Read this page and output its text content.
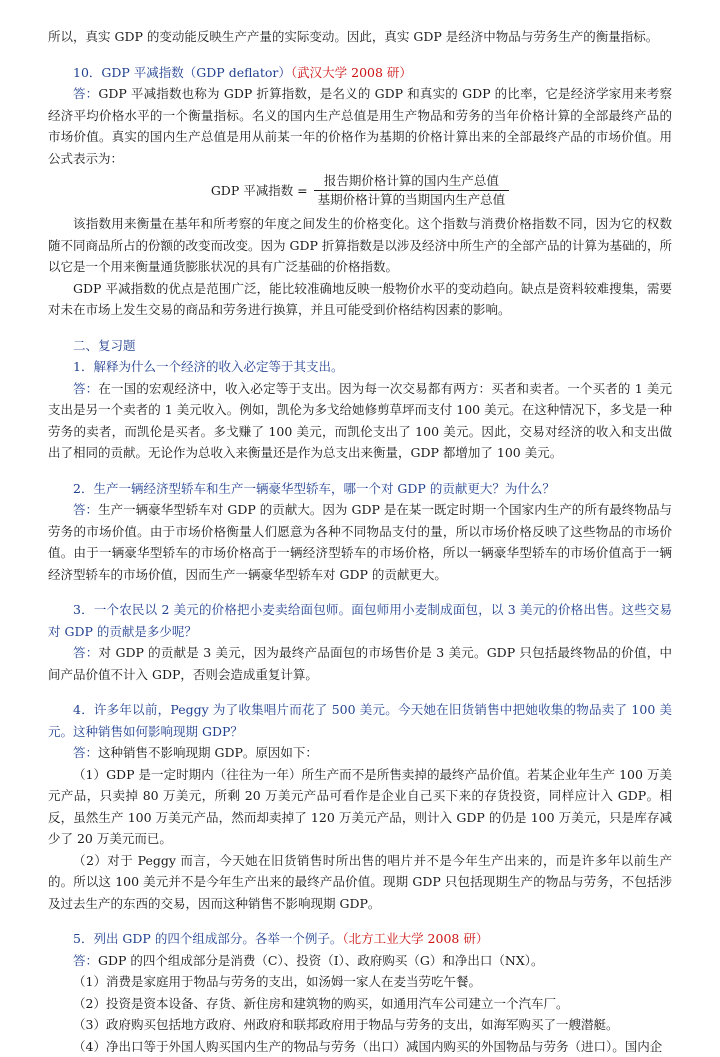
所以，真实 GDP 的变动能反映生产产量的实际变动。因此，真实 GDP 是经济中物品与劳务生产的衡量指标。

10．GDP 平减指数（GDP deflator）（武汉大学 2008 研）

答：GDP 平减指数也称为 GDP 折算指数，是名义的 GDP 和真实的 GDP 的比率，它是经济学家用来考察经济平均价格水平的一个衡量指标。名义的国内生产总值是用生产物品和劳务的当年价格计算的全部最终产品的市场价值。真实的国内生产总值是用从前某一年的价格作为基期的价格计算出来的全部最终产品的市场价值。用公式表示为：

GDP 平减指数 = $\frac{\text{报告期价格计算的国内生产总值}}{\text{基期价格计算的当期国内生产总值}}$

该指数用来衡量在基年和所考察的年度之间发生的价格变化。这个指数与消费价格指数不同，因为它的权数随不同商品所占的份额的改变而改变。因为 GDP 折算指数是以涉及经济中所生产的全部产品的计算为基础的，所以它是一个用来衡量通货膨胀状况的具有广泛基础的价格指数。

GDP 平减指数的优点是范围广泛，能比较准确地反映一般物价水平的变动趋向。缺点是资料较难搜集，需要对未在市场上发生交易的商品和劳务进行换算，并且可能受到价格结构因素的影响。

二、复习题

1．解释为什么一个经济的收入必定等于其支出。

答：在一国的宏观经济中，收入必定等于支出。因为每一次交易都有两方：买者和卖者。一个买者的 1 美元支出是另一个卖者的 1 美元收入。例如，凯伦为多戈给她修剪草坪而支付 100 美元。在这种情况下，多戈是一种劳务的卖者，而凯伦是买者。多戈赚了 100 美元，而凯伦支出了 100 美元。因此，交易对经济的收入和支出做出了相同的贡献。无论作为总收入来衡量还是作为总支出来衡量，GDP 都增加了 100 美元。

2．生产一辆经济型轿车和生产一辆豪华型轿车，哪一个对 GDP 的贡献更大？为什么？

答：生产一辆豪华型轿车对 GDP 的贡献大。因为 GDP 是在某一既定时期一个国家内生产的所有最终物品与劳务的市场价值。由于市场价格衡量人们愿意为各种不同物品支付的量，所以市场价格反映了这些物品的市场价值。由于一辆豪华型轿车的市场价格高于一辆经济型轿车的市场价格，所以一辆豪华型轿车的市场价值高于一辆经济型轿车的市场价值，因而生产一辆豪华型轿车对 GDP 的贡献更大。

3．一个农民以 2 美元的价格把小麦卖给面包师。面包师用小麦制成面包，以 3 美元的价格出售。这些交易对 GDP 的贡献是多少呢？

答：对 GDP 的贡献是 3 美元，因为最终产品面包的市场售价是 3 美元。GDP 只包括最终物品的价值，中间产品价值不计入 GDP，否则会造成重复计算。

4．许多年以前，Peggy 为了收集唱片而花了 500 美元。今天她在旧货销售中把她收集的物品卖了 100 美元。这种销售如何影响现期 GDP？

答：这种销售不影响现期 GDP。原因如下：

（1）GDP 是一定时期内（往往为一年）所生产而不是所售卖掉的最终产品价值。若某企业年生产 100 万美元产品，只卖掉 80 万美元，所剩 20 万美元产品可看作是企业自己买下来的存货投资，同样应计入 GDP。相反，虽然生产 100 万美元产品，然而却卖掉了 120 万美元产品，则计入 GDP 的仍是 100 万美元，只是库存减少了 20 万美元而已。

（2）对于 Peggy 而言，今天她在旧货销售时所出售的唱片并不是今年生产出来的，而是许多年以前生产的。所以这 100 美元并不是今年生产出来的最终产品价值。现期 GDP 只包括现期生产的物品与劳务，不包括涉及过去生产的东西的交易，因而这种销售不影响现期 GDP。

5．列出 GDP 的四个组成部分。各举一个例子。（北方工业大学 2008 研）

答：GDP 的四个组成部分是消费（C）、投资（I）、政府购买（G）和净出口（NX）。

（1）消费是家庭用于物品与劳务的支出，如汤姆一家人在麦当劳吃午餐。

（2）投资是资本设备、存货、新住房和建筑物的购买，如通用汽车公司建立一个汽车厂。

（3）政府购买包括地方政府、州政府和联邦政府用于物品与劳务的支出，如海军购买了一艘潜艇。

（4）净出口等于外国人购买国内生产的物品与劳务（出口）减国内购买的外国物品与劳务（进口）。国内企
